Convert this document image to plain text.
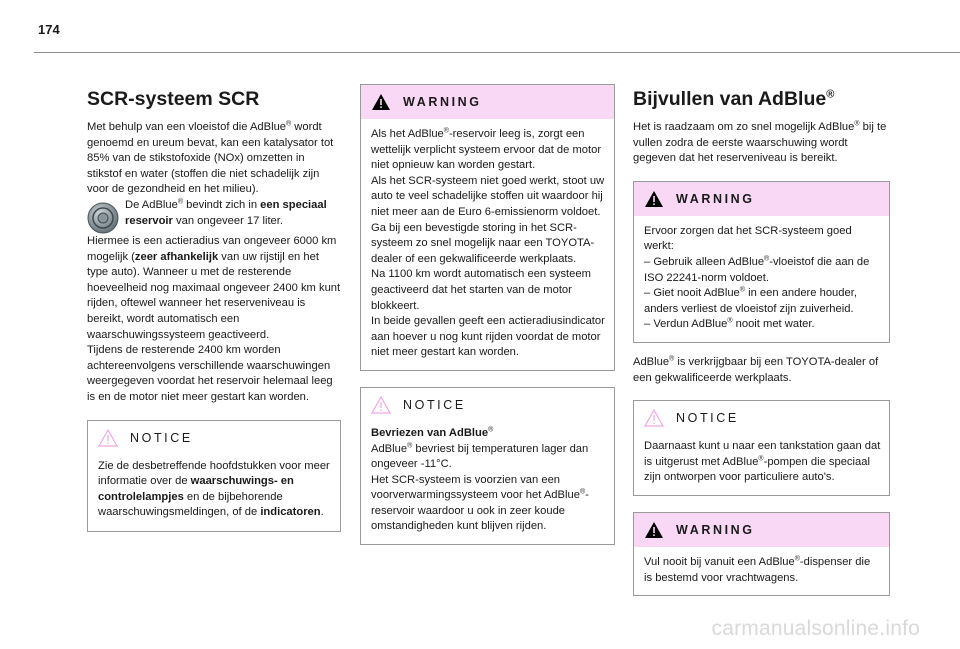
174
SCR-systeem SCR

Met behulp van een vloeistof die AdBlue® wordt genoemd en ureum bevat, kan een katalysator tot 85% van de stikstofoxide (NOx) omzetten in stikstof en water (stoffen die niet schadelijk zijn voor de gezondheid en het milieu).

De AdBlue® bevindt zich in een speciaal reservoir van ongeveer 17 liter.

Hiermee is een actieradius van ongeveer 6000 km mogelijk (zeer afhankelijk van uw rijstijl en het type auto). Wanneer u met de resterende hoeveelheid nog maximaal ongeveer 2400 km kunt rijden, oftewel wanneer het reserveniveau is bereikt, wordt automatisch een waarschuwingssysteem geactiveerd.

Tijdens de resterende 2400 km worden achtereenvolgens verschillende waarschuwingen weergegeven voordat het reservoir helemaal leeg is en de motor niet meer gestart kan worden.

NOTICE
Zie de desbetreffende hoofdstukken voor meer informatie over de waarschuwings- en controlelampjes en de bijbehorende waarschuwingsmeldingen, of de indicatoren.
WARNING
Als het AdBlue®-reservoir leeg is, zorgt een wettelijk verplicht systeem ervoor dat de motor niet opnieuw kan worden gestart.
Als het SCR-systeem niet goed werkt, stoot uw auto te veel schadelijke stoffen uit waardoor hij niet meer aan de Euro 6-emissienorm voldoet.
Ga bij een bevestigde storing in het SCR-systeem zo snel mogelijk naar een TOYOTA-dealer of een gekwalificeerde werkplaats.
Na 1100 km wordt automatisch een systeem geactiveerd dat het starten van de motor blokkeert.
In beide gevallen geeft een actieradiusindicator aan hoever u nog kunt rijden voordat de motor niet meer gestart kan worden.
NOTICE
Bevriezen van AdBlue®
AdBlue® bevriest bij temperaturen lager dan ongeveer -11°C.
Het SCR-systeem is voorzien van een voorverwarmingssysteem voor het AdBlue®-reservoir waardoor u ook in zeer koude omstandigheden kunt blijven rijden.
Bijvullen van AdBlue®

Het is raadzaam om zo snel mogelijk AdBlue® bij te vullen zodra de eerste waarschuwing wordt gegeven dat het reserveniveau is bereikt.

WARNING
Ervoor zorgen dat het SCR-systeem goed werkt:
– Gebruik alleen AdBlue®-vloeistof die aan de ISO 22241-norm voldoet.
– Giet nooit AdBlue® in een andere houder, anders verliest de vloeistof zijn zuiverheid.
– Verdun AdBlue® nooit met water.

AdBlue® is verkrijgbaar bij een TOYOTA-dealer of een gekwalificeerde werkplaats.

NOTICE
Daarnaast kunt u naar een tankstation gaan dat is uitgerust met AdBlue®-pompen die speciaal zijn ontworpen voor particuliere auto's.
WARNING
Vul nooit bij vanuit een AdBlue®-dispenser die is bestemd voor vrachtwagens.
carmanualsonline.info
